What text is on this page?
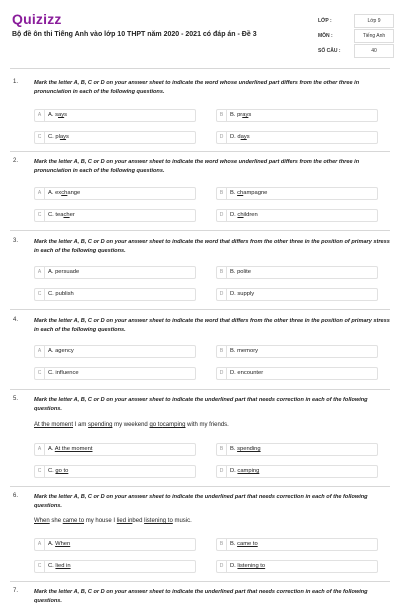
Quizizz
Bộ đề ôn thi Tiếng Anh vào lớp 10 THPT năm 2020 - 2021 có đáp án - Đề 3
LỚP :	Lớp 9
MÔN :	Tiếng Anh
SỐ CÂU :	40
1.	Mark the letter A, B, C or D on your answer sheet to indicate the word whose underlined part differs from the other three in pronunciation in each of the following questions.
A	A. says	B	B. prays
C	C. plays	D	D. days
2.	Mark the letter A, B, C or D on your answer sheet to indicate the word whose underlined part differs from the other three in pronunciation in each of the following questions.
A	A. exchange	B	B. champagne
C	C. teacher	D	D. children
3.	Mark the letter A, B, C or D on your answer sheet to indicate the word that differs from the other three in the position of primary stress in each of the following questions.
A	A. persuade	B	B. polite
C	C. publish	D	D. supply
4.	Mark the letter A, B, C or D on your answer sheet to indicate the word that differs from the other three in the position of primary stress in each of the following questions.
A	A. agency	B	B. memory
C	C. influence	D	D. encounter
5.	Mark the letter A, B, C or D on your answer sheet to indicate the underlined part that needs correction in each of the following questions.
At the moment I am spending my weekend go tocamping with my friends.
A	A. At the moment	B	B. spending
C	C. go to	D	D. camping
6.	Mark the letter A, B, C or D on your answer sheet to indicate the underlined part that needs correction in each of the following questions.
When she came to my house I lied inbed listening to music.
A	A. When	B	B. came to
C	C. lied in	D	D. listening to
7.	Mark the letter A, B, C or D on your answer sheet to indicate the underlined part that needs correction in each of the following questions.
